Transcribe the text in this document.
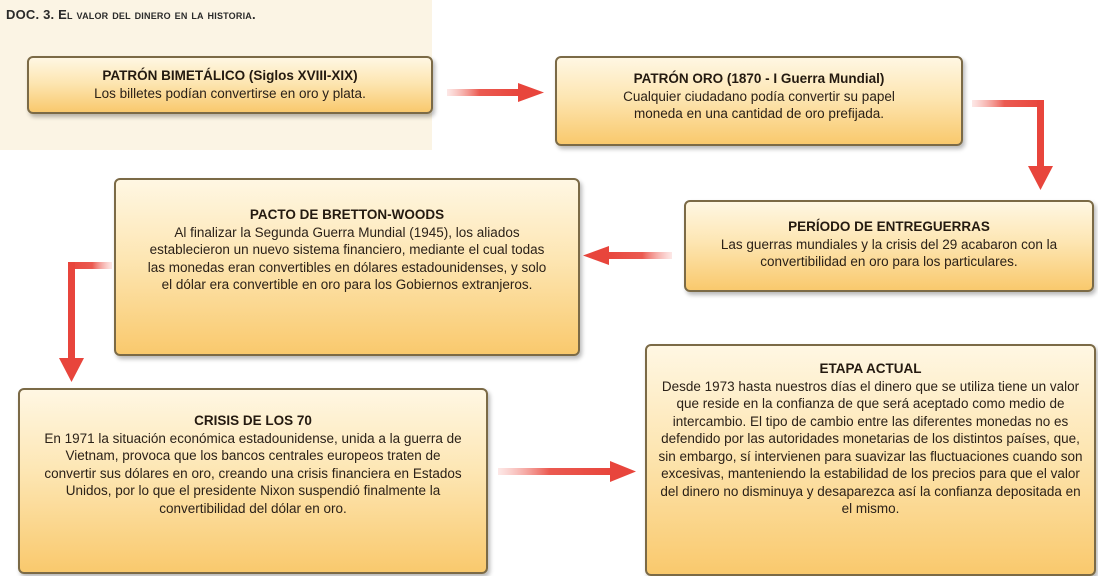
DOC. 3. El valor del dinero en la historia.
PATRÓN BIMETÁLICO (Siglos XVIII-XIX)
Los billetes podían convertirse en oro y plata.
PATRÓN ORO (1870 - I Guerra Mundial)
Cualquier ciudadano podía convertir su papel moneda en una cantidad de oro prefijada.
PERÍODO DE ENTREGUERRAS
Las guerras mundiales y la crisis del 29 acabaron con la convertibilidad en oro para los particulares.
PACTO DE BRETTON-WOODS
Al finalizar la Segunda Guerra Mundial (1945), los aliados establecieron un nuevo sistema financiero, mediante el cual todas las monedas eran convertibles en dólares estadounidenses, y solo el dólar era convertible en oro para los Gobiernos extranjeros.
CRISIS DE LOS 70
En 1971 la situación económica estadounidense, unida a la guerra de Vietnam, provoca que los bancos centrales europeos traten de convertir sus dólares en oro, creando una crisis financiera en Estados Unidos, por lo que el presidente Nixon suspendió finalmente la convertibilidad del dólar en oro.
ETAPA ACTUAL
Desde 1973 hasta nuestros días el dinero que se utiliza tiene un valor que reside en la confianza de que será aceptado como medio de intercambio. El tipo de cambio entre las diferentes monedas no es defendido por las autoridades monetarias de los distintos países, que, sin embargo, sí intervienen para suavizar las fluctuaciones cuando son excesivas, manteniendo la estabilidad de los precios para que el valor del dinero no disminuya y desaparezca así la confianza depositada en el mismo.
